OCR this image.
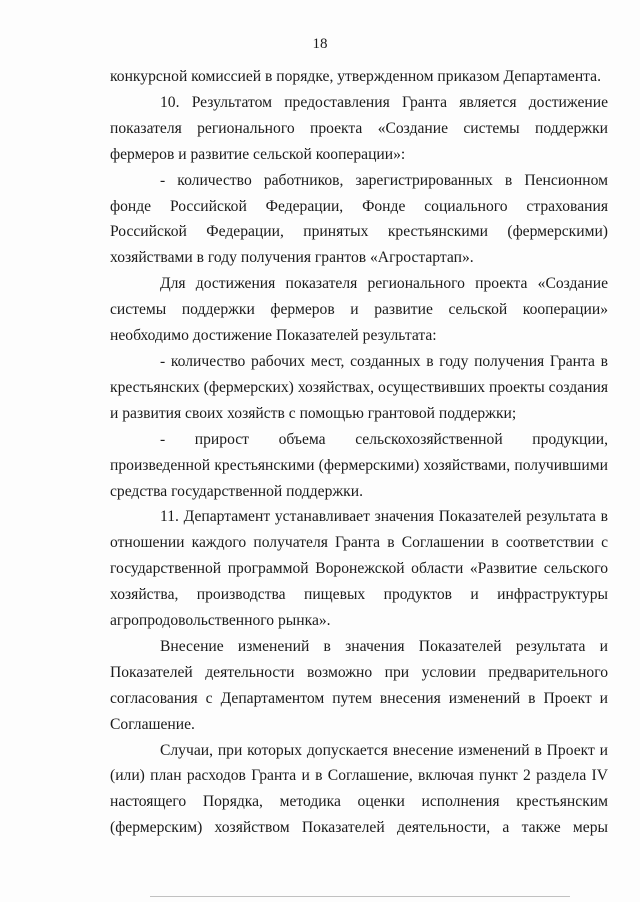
18

конкурсной комиссией в порядке, утвержденном приказом Департамента.

10. Результатом предоставления Гранта является достижение показателя регионального проекта «Создание системы поддержки фермеров и развитие сельской кооперации»:

- количество работников, зарегистрированных в Пенсионном фонде Российской Федерации, Фонде социального страхования Российской Федерации, принятых крестьянскими (фермерскими) хозяйствами в году получения грантов «Агростартап».

Для достижения показателя регионального проекта «Создание системы поддержки фермеров и развитие сельской кооперации» необходимо достижение Показателей результата:

- количество рабочих мест, созданных в году получения Гранта в крестьянских (фермерских) хозяйствах, осуществивших проекты создания и развития своих хозяйств с помощью грантовой поддержки;

- прирост объема сельскохозяйственной продукции, произведенной крестьянскими (фермерскими) хозяйствами, получившими средства государственной поддержки.

11. Департамент устанавливает значения Показателей результата в отношении каждого получателя Гранта в Соглашении в соответствии с государственной программой Воронежской области «Развитие сельского хозяйства, производства пищевых продуктов и инфраструктуры агропродовольственного рынка».

Внесение изменений в значения Показателей результата и Показателей деятельности возможно при условии предварительного согласования с Департаментом путем внесения изменений в Проект и Соглашение.

Случаи, при которых допускается внесение изменений в Проект и (или) план расходов Гранта и в Соглашение, включая пункт 2 раздела IV настоящего Порядка, методика оценки исполнения крестьянским (фермерским) хозяйством Показателей деятельности, а также меры
